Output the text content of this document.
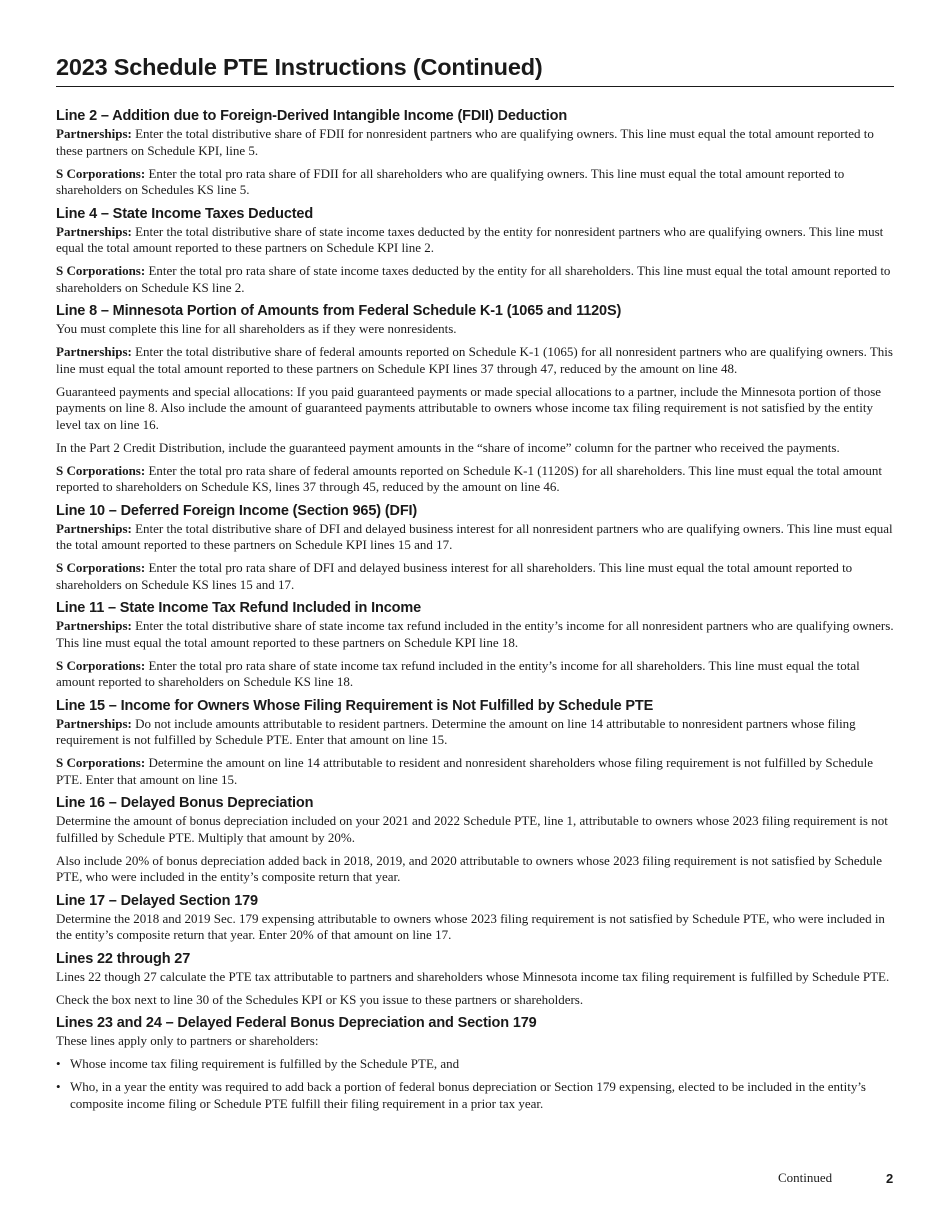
2023 Schedule PTE Instructions (Continued)
Line 2 – Addition due to Foreign-Derived Intangible Income (FDII) Deduction

Partnerships: Enter the total distributive share of FDII for nonresident partners who are qualifying owners. This line must equal the total amount reported to these partners on Schedule KPI, line 5.

S Corporations: Enter the total pro rata share of FDII for all shareholders who are qualifying owners. This line must equal the total amount reported to shareholders on Schedules KS line 5.

Line 4 – State Income Taxes Deducted

Partnerships: Enter the total distributive share of state income taxes deducted by the entity for nonresident partners who are qualifying owners. This line must equal the total amount reported to these partners on Schedule KPI line 2.

S Corporations: Enter the total pro rata share of state income taxes deducted by the entity for all shareholders. This line must equal the total amount reported to shareholders on Schedule KS line 2.

Line 8 – Minnesota Portion of Amounts from Federal Schedule K-1 (1065 and 1120S)

You must complete this line for all shareholders as if they were nonresidents.

Partnerships: Enter the total distributive share of federal amounts reported on Schedule K-1 (1065) for all nonresident partners who are qualifying owners. This line must equal the total amount reported to these partners on Schedule KPI lines 37 through 47, reduced by the amount on line 48.

Guaranteed payments and special allocations: If you paid guaranteed payments or made special allocations to a partner, include the Minnesota portion of those payments on line 8. Also include the amount of guaranteed payments attributable to owners whose income tax filing requirement is not satisfied by the entity level tax on line 16.

In the Part 2 Credit Distribution, include the guaranteed payment amounts in the “share of income” column for the partner who received the payments.

S Corporations: Enter the total pro rata share of federal amounts reported on Schedule K-1 (1120S) for all shareholders. This line must equal the total amount reported to shareholders on Schedule KS, lines 37 through 45, reduced by the amount on line 46.

Line 10 – Deferred Foreign Income (Section 965) (DFI)

Partnerships: Enter the total distributive share of DFI and delayed business interest for all nonresident partners who are qualifying owners. This line must equal the total amount reported to these partners on Schedule KPI lines 15 and 17.

S Corporations: Enter the total pro rata share of DFI and delayed business interest for all shareholders. This line must equal the total amount reported to shareholders on Schedule KS lines 15 and 17.

Line 11 – State Income Tax Refund Included in Income

Partnerships: Enter the total distributive share of state income tax refund included in the entity’s income for all nonresident partners who are qualifying owners. This line must equal the total amount reported to these partners on Schedule KPI line 18.

S Corporations: Enter the total pro rata share of state income tax refund included in the entity’s income for all shareholders. This line must equal the total amount reported to shareholders on Schedule KS line 18.

Line 15 – Income for Owners Whose Filing Requirement is Not Fulfilled by Schedule PTE

Partnerships: Do not include amounts attributable to resident partners. Determine the amount on line 14 attributable to nonresident partners whose filing requirement is not fulfilled by Schedule PTE. Enter that amount on line 15.

S Corporations: Determine the amount on line 14 attributable to resident and nonresident shareholders whose filing requirement is not fulfilled by Schedule PTE. Enter that amount on line 15.

Line 16 – Delayed Bonus Depreciation

Determine the amount of bonus depreciation included on your 2021 and 2022 Schedule PTE, line 1, attributable to owners whose 2023 filing requirement is not fulfilled by Schedule PTE. Multiply that amount by 20%.

Also include 20% of bonus depreciation added back in 2018, 2019, and 2020 attributable to owners whose 2023 filing requirement is not satisfied by Schedule PTE, who were included in the entity’s composite return that year.

Line 17 – Delayed Section 179

Determine the 2018 and 2019 Sec. 179 expensing attributable to owners whose 2023 filing requirement is not satisfied by Schedule PTE, who were included in the entity’s composite return that year. Enter 20% of that amount on line 17.

Lines 22 through 27

Lines 22 though 27 calculate the PTE tax attributable to partners and shareholders whose Minnesota income tax filing requirement is fulfilled by Schedule PTE.

Check the box next to line 30 of the Schedules KPI or KS you issue to these partners or shareholders.

Lines 23 and 24 – Delayed Federal Bonus Depreciation and Section 179

These lines apply only to partners or shareholders:

• Whose income tax filing requirement is fulfilled by the Schedule PTE, and
• Who, in a year the entity was required to add back a portion of federal bonus depreciation or Section 179 expensing, elected to be included in the entity’s composite income filing or Schedule PTE fulfill their filing requirement in a prior tax year.
Continued	2
